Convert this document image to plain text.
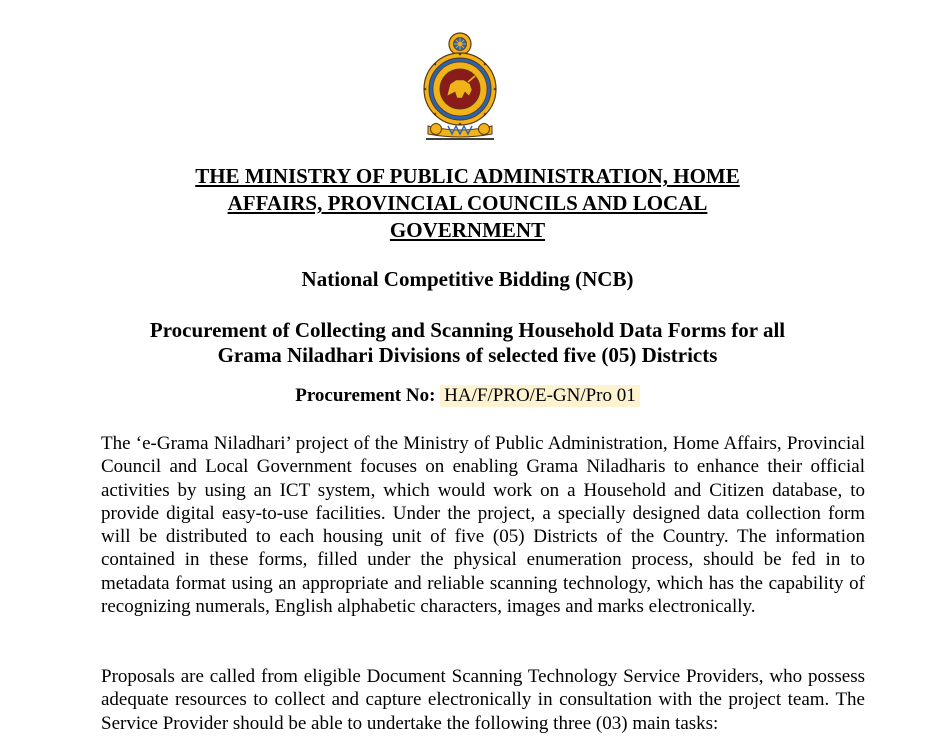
THE MINISTRY OF PUBLIC ADMINISTRATION, HOME
AFFAIRS, PROVINCIAL COUNCILS AND LOCAL
GOVERNMENT
National Competitive Bidding (NCB)
Procurement of Collecting and Scanning Household Data Forms for all
Grama Niladhari Divisions of selected five (05) Districts
Procurement No: HA/F/PRO/E-GN/Pro 01

The ‘e-Grama Niladhari’ project of the Ministry of Public Administration, Home Affairs, Provincial Council and Local Government focuses on enabling Grama Niladharis to enhance their official activities by using an ICT system, which would work on a Household and Citizen database, to provide digital easy-to-use facilities. Under the project, a specially designed data collection form will be distributed to each housing unit of five (05) Districts of the Country. The information contained in these forms, filled under the physical enumeration process, should be fed in to metadata format using an appropriate and reliable scanning technology, which has the capability of recognizing numerals, English alphabetic characters, images and marks electronically.

Proposals are called from eligible Document Scanning Technology Service Providers, who possess adequate resources to collect and capture electronically in consultation with the project team. The Service Provider should be able to undertake the following three (03) main tasks:
